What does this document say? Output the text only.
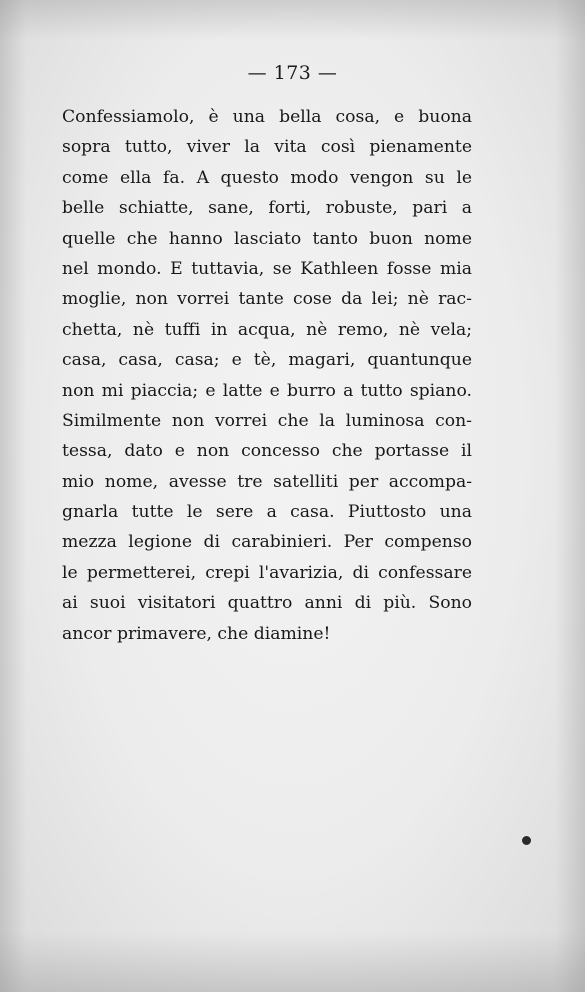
— 173 —

Confessiamolo, è una bella cosa, e buona
sopra tutto, viver la vita così pienamente
come ella fa. A questo modo vengon su le
belle schiatte, sane, forti, robuste, pari a
quelle che hanno lasciato tanto buon nome
nel mondo. E tuttavia, se Kathleen fosse mia
moglie, non vorrei tante cose da lei; nè rac-
chetta, nè tuffi in acqua, nè remo, nè vela;
casa, casa, casa; e tè, magari, quantunque
non mi piaccia; e latte e burro a tutto spiano.

Similmente non vorrei che la luminosa con-
tessa, dato e non concesso che portasse il
mio nome, avesse tre satelliti per accompa-
gnarla tutte le sere a casa. Piuttosto una
mezza legione di carabinieri. Per compenso
le permetterei, crepi l'avarizia, di confessare
ai suoi visitatori quattro anni di più. Sono
ancor primavere, che diamine!
